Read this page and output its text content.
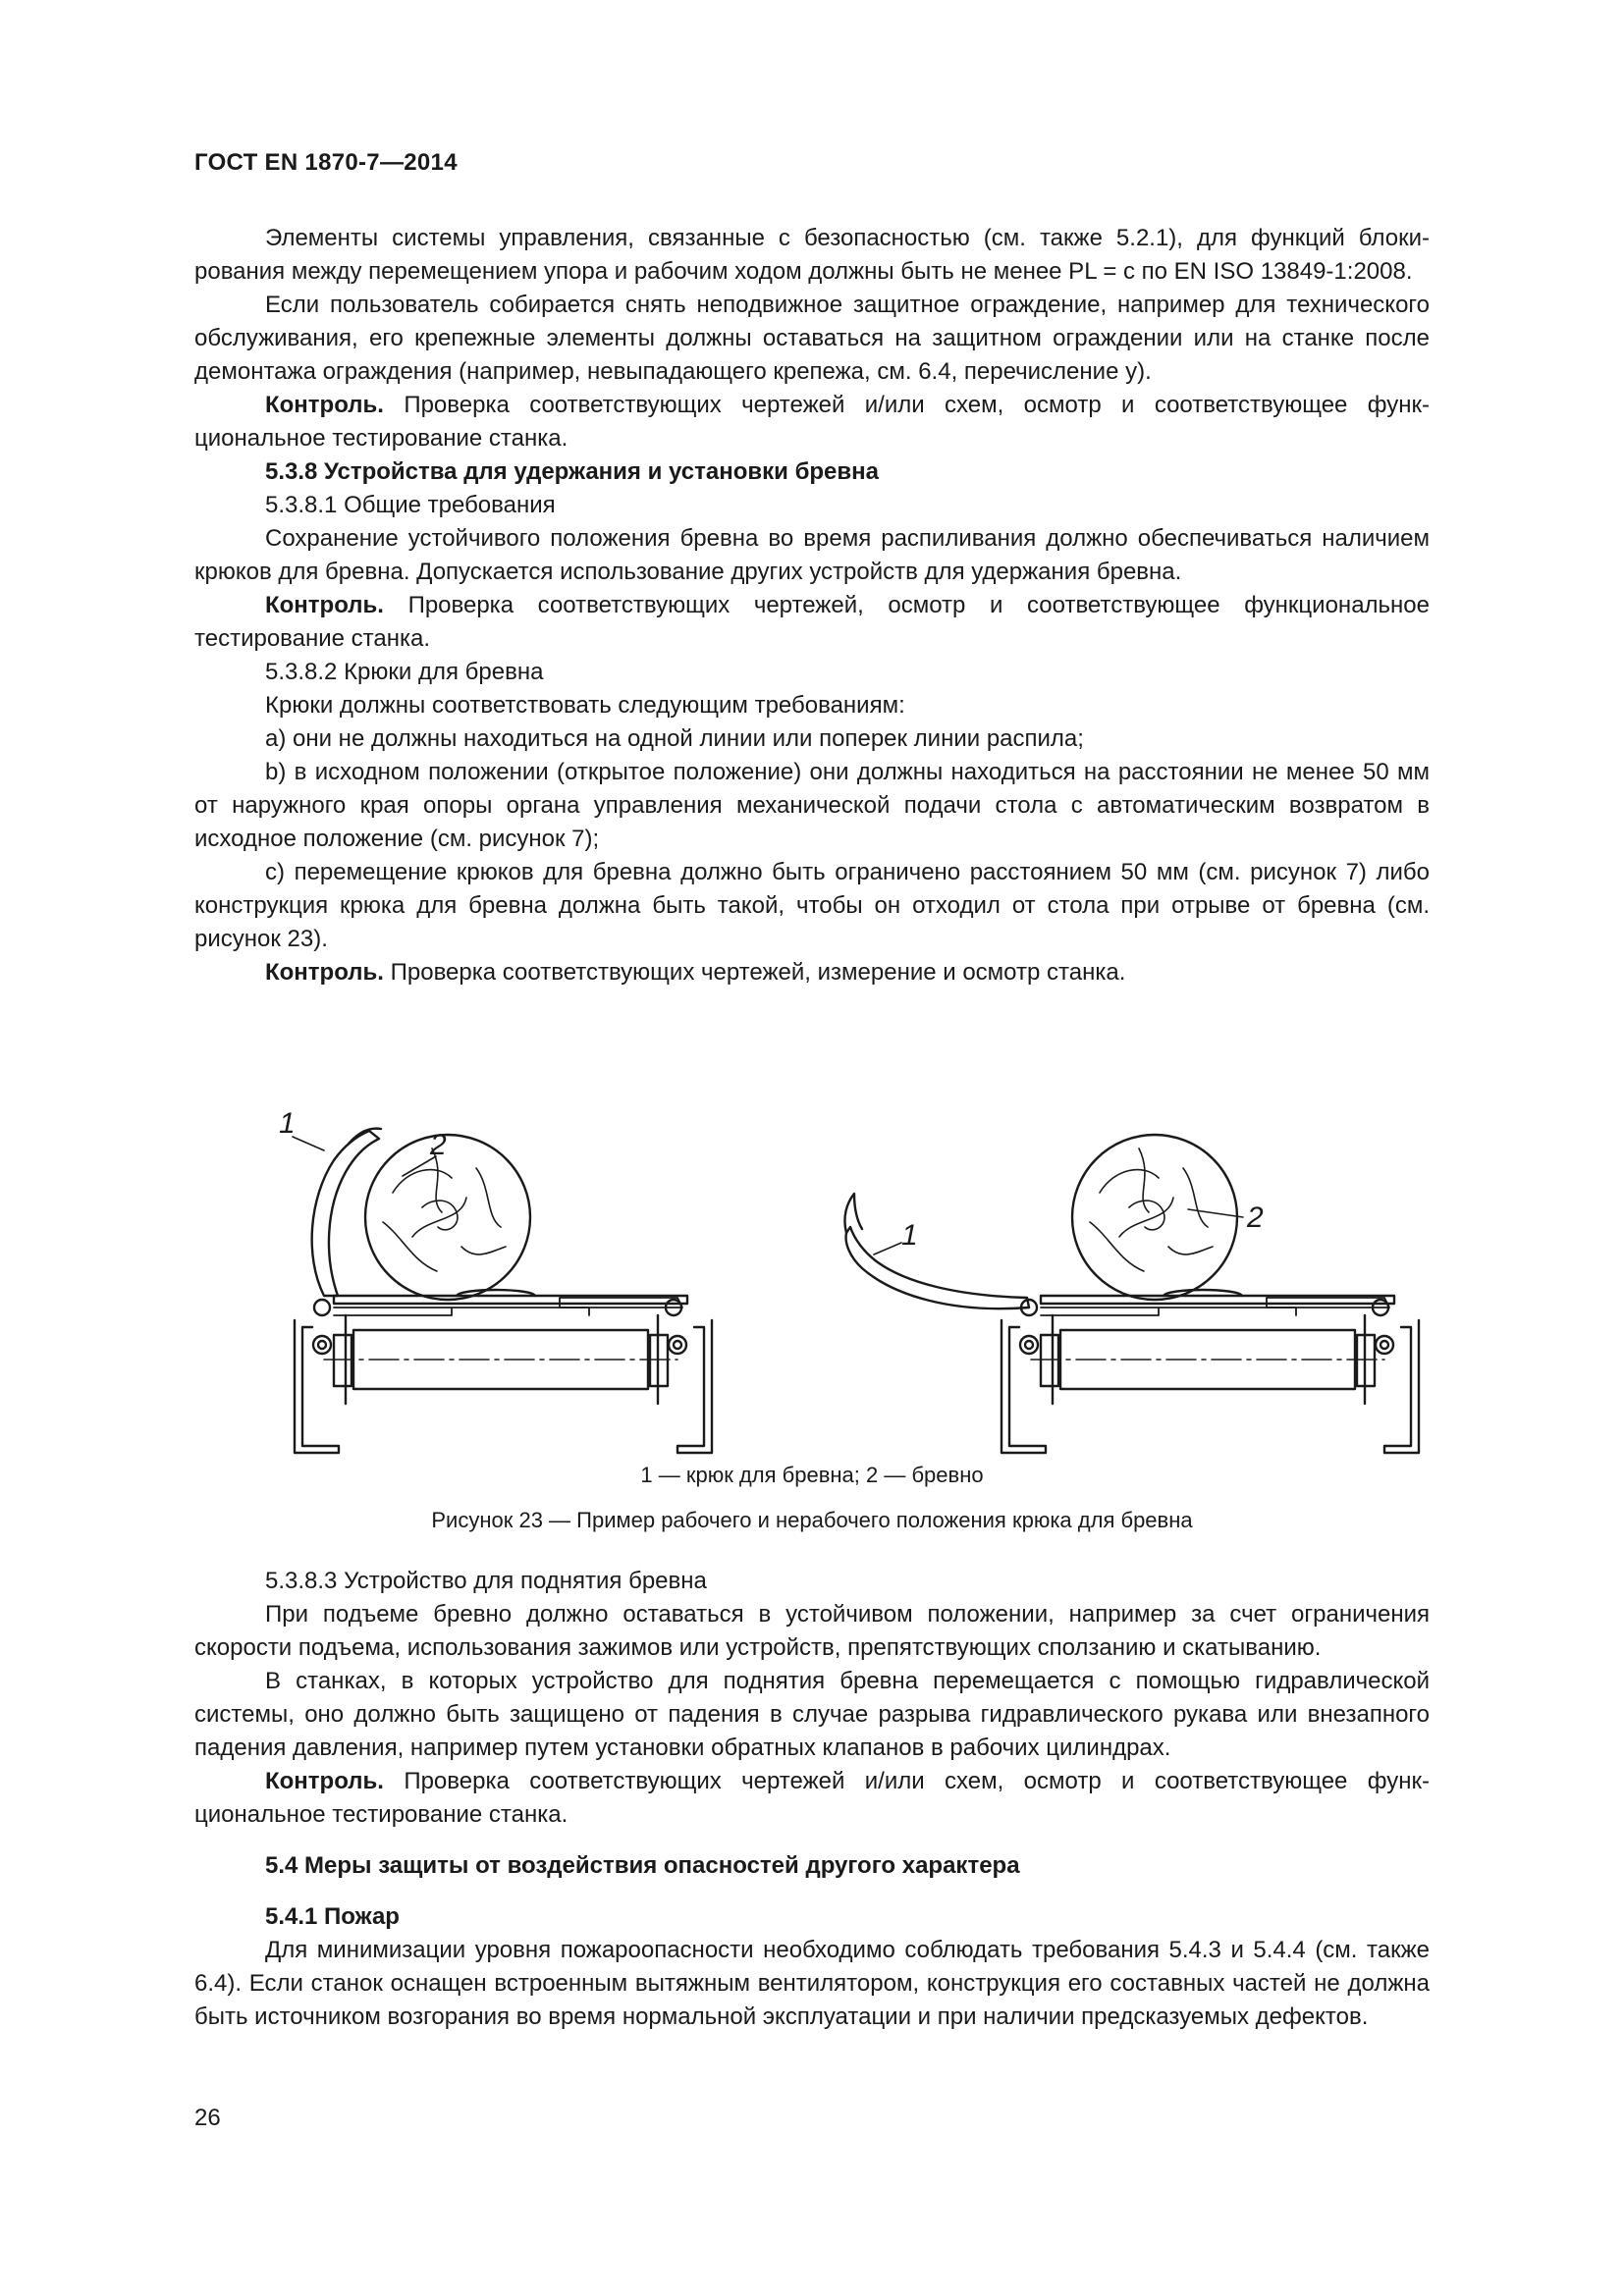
ГОСТ EN 1870-7—2014

Элементы системы управления, связанные с безопасностью (см. также 5.2.1), для функций блокирования между перемещением упора и рабочим ходом должны быть не менее PL = c по EN ISO 13849-1:2008.

Если пользователь собирается снять неподвижное защитное ограждение, например для технического обслуживания, его крепежные элементы должны оставаться на защитном ограждении или на станке после демонтажа ограждения (например, невыпадающего крепежа, см. 6.4, перечисление y).

Контроль. Проверка соответствующих чертежей и/или схем, осмотр и соответствующее функциональное тестирование станка.

5.3.8 Устройства для удержания и установки бревна

5.3.8.1 Общие требования

Сохранение устойчивого положения бревна во время распиливания должно обеспечиваться наличием крюков для бревна. Допускается использование других устройств для удержания бревна.

Контроль. Проверка соответствующих чертежей, осмотр и соответствующее функциональное тестирование станка.

5.3.8.2 Крюки для бревна

Крюки должны соответствовать следующим требованиям:

a) они не должны находиться на одной линии или поперек линии распила;

b) в исходном положении (открытое положение) они должны находиться на расстоянии не менее 50 мм от наружного края опоры органа управления механической подачи стола с автоматическим возвратом в исходное положение (см. рисунок 7);

c) перемещение крюков для бревна должно быть ограничено расстоянием 50 мм (см. рисунок 7) либо конструкция крюка для бревна должна быть такой, чтобы он отходил от стола при отрыве от бревна (см. рисунок 23).

Контроль. Проверка соответствующих чертежей, измерение и осмотр станка.

1
2
1
2
1 — крюк для бревна; 2 — бревно
Рисунок 23 — Пример рабочего и нерабочего положения крюка для бревна

5.3.8.3 Устройство для поднятия бревна

При подъеме бревно должно оставаться в устойчивом положении, например за счет ограничения скорости подъема, использования зажимов или устройств, препятствующих сползанию и скатыванию.

В станках, в которых устройство для поднятия бревна перемещается с помощью гидравлической системы, оно должно быть защищено от падения в случае разрыва гидравлического рукава или внезапного падения давления, например путем установки обратных клапанов в рабочих цилиндрах.

Контроль. Проверка соответствующих чертежей и/или схем, осмотр и соответствующее функциональное тестирование станка.

5.4 Меры защиты от воздействия опасностей другого характера

5.4.1 Пожар

Для минимизации уровня пожароопасности необходимо соблюдать требования 5.4.3 и 5.4.4 (см. также 6.4). Если станок оснащен встроенным вытяжным вентилятором, конструкция его составных частей не должна быть источником возгорания во время нормальной эксплуатации и при наличии предсказуемых дефектов.

26
